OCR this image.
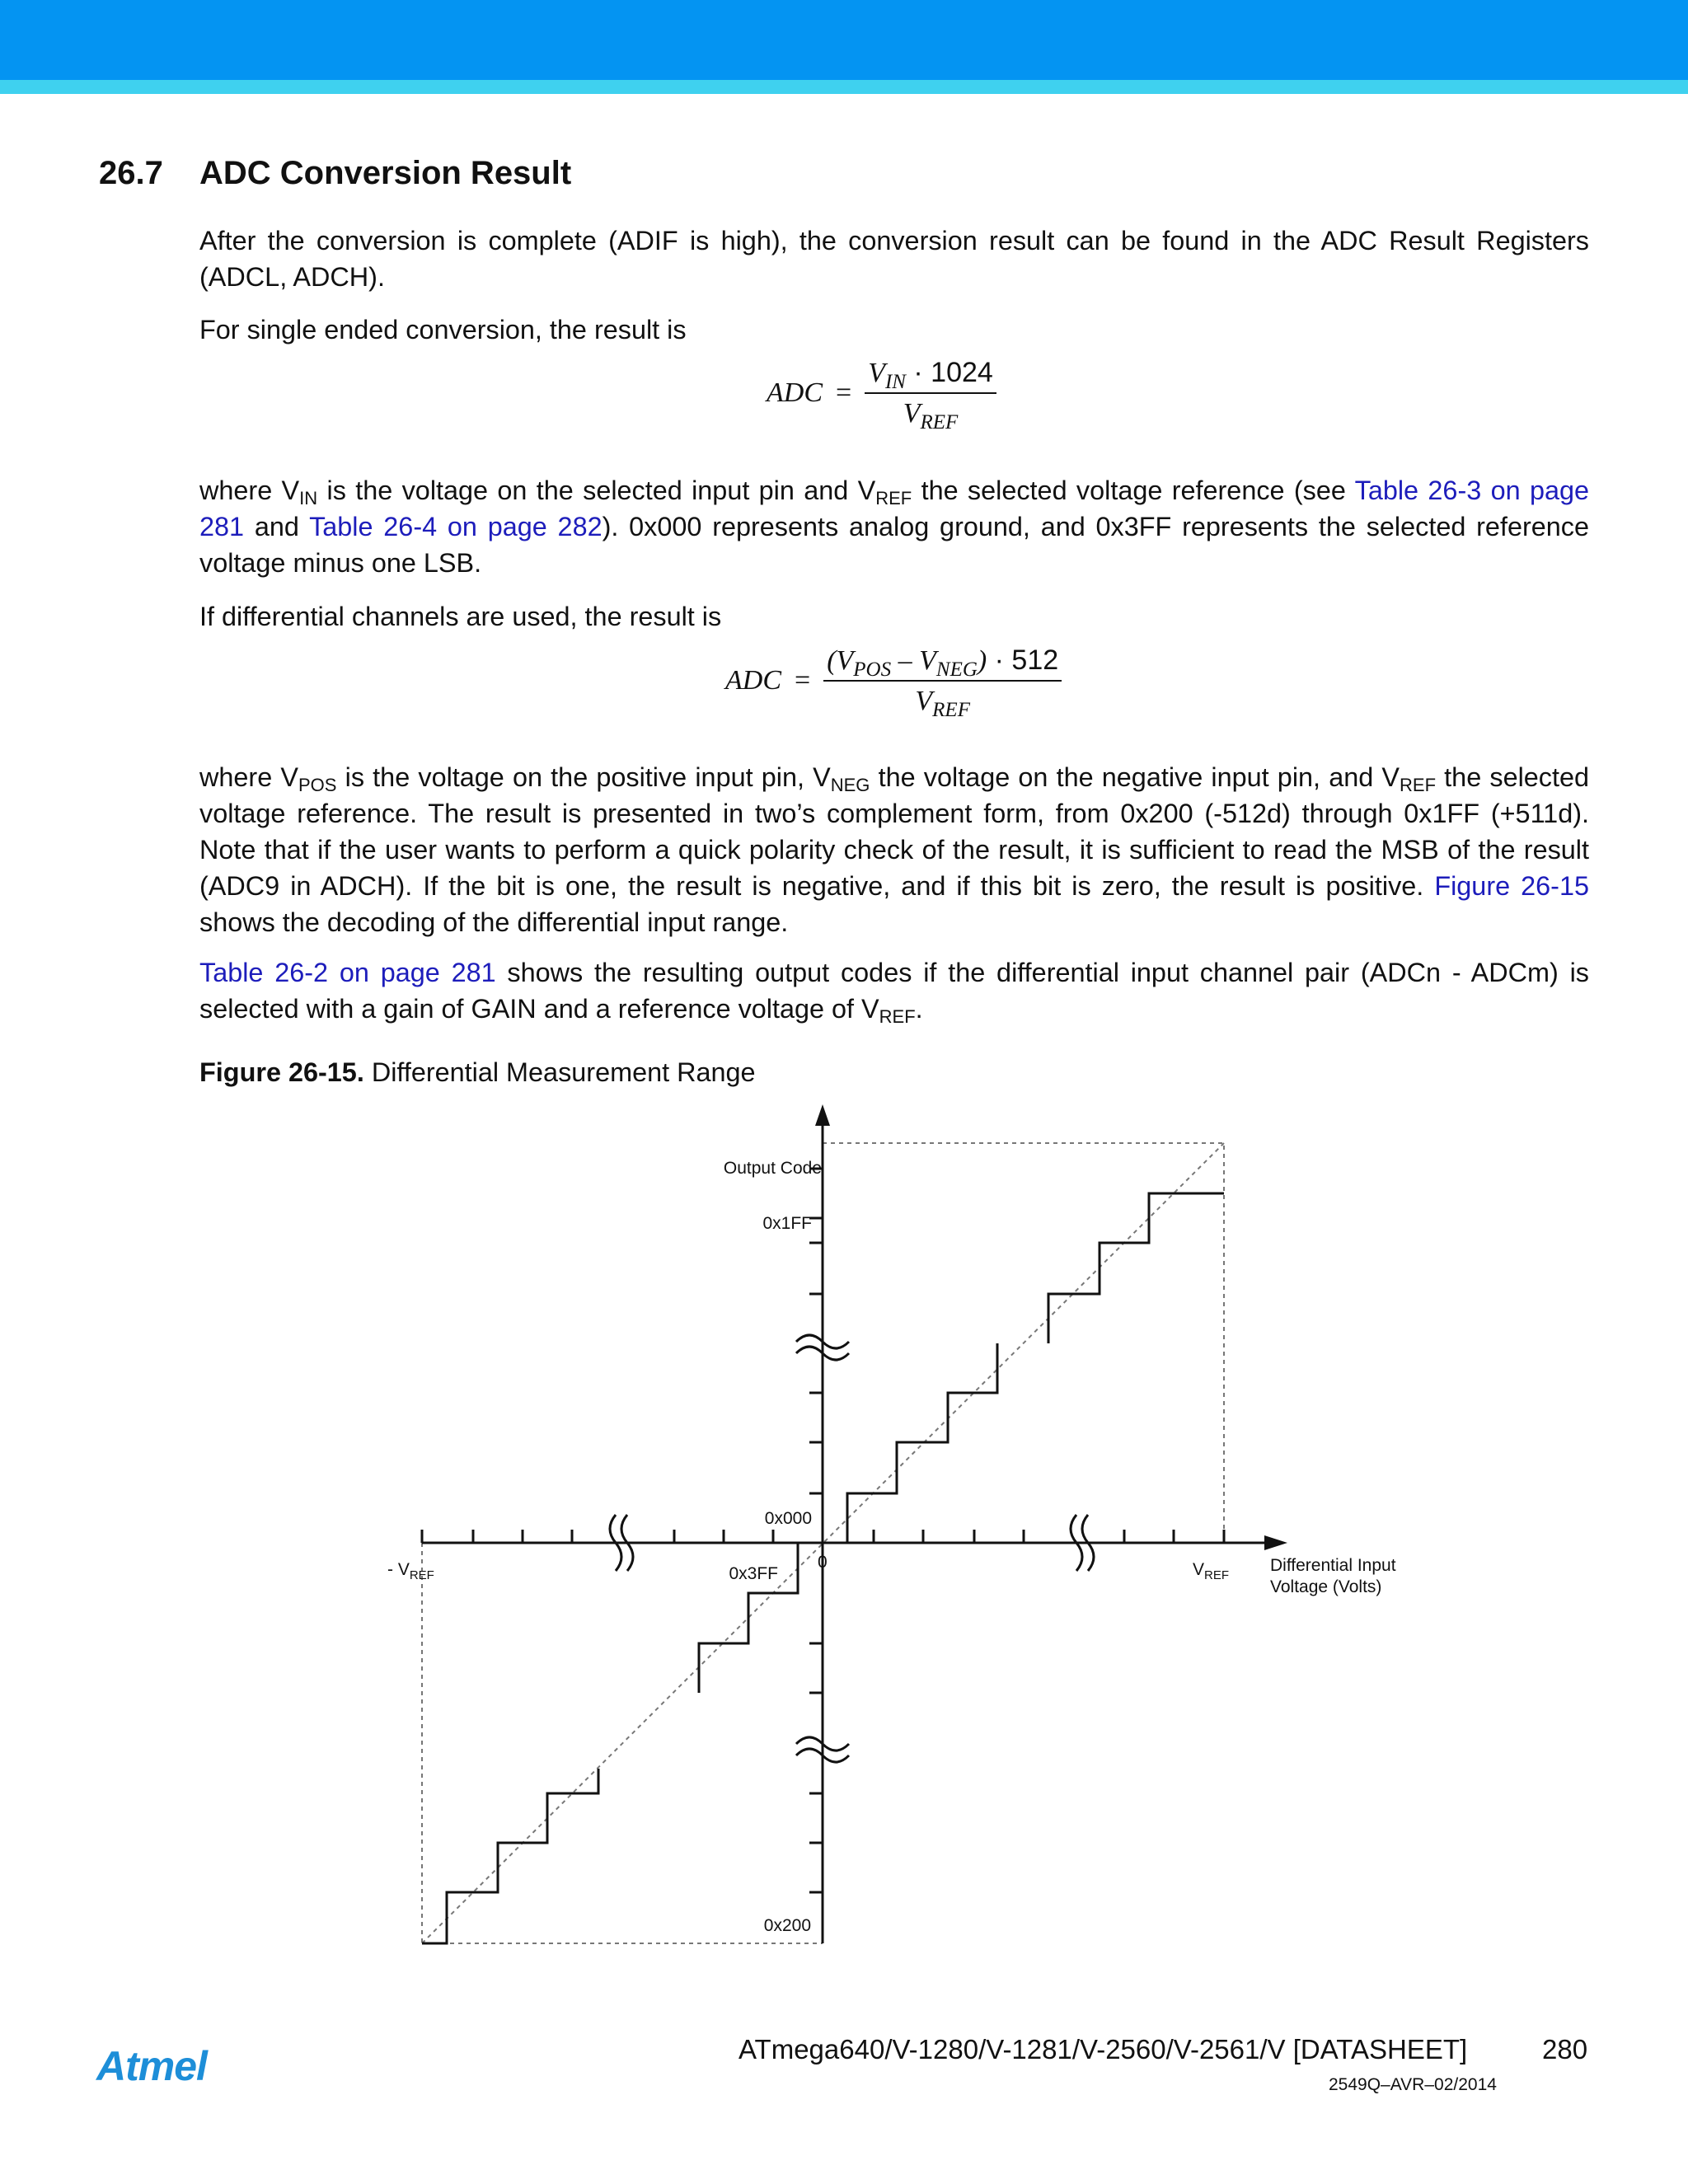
26.7 ADC Conversion Result

After the conversion is complete (ADIF is high), the conversion result can be found in the ADC Result Registers (ADCL, ADCH).

For single ended conversion, the result is

ADC = $\frac{V_{IN} \cdot 1024}{V_{REF}}$

where $V_{IN}$ is the voltage on the selected input pin and $V_{REF}$ the selected voltage reference (see Table 26-3 on page 281 and Table 26-4 on page 282). 0x000 represents analog ground, and 0x3FF represents the selected reference voltage minus one LSB.

If differential channels are used, the result is

ADC = $\frac{(V_{POS} - V_{NEG}) \cdot 512}{V_{REF}}$

where $V_{POS}$ is the voltage on the positive input pin, $V_{NEG}$ the voltage on the negative input pin, and $V_{REF}$ the selected voltage reference. The result is presented in two’s complement form, from 0x200 (-512d) through 0x1FF (+511d). Note that if the user wants to perform a quick polarity check of the result, it is sufficient to read the MSB of the result (ADC9 in ADCH). If the bit is one, the result is negative, and if this bit is zero, the result is positive. Figure 26-15 shows the decoding of the differential input range.

Table 26-2 on page 281 shows the resulting output codes if the differential input channel pair (ADCn - ADCm) is selected with a gain of GAIN and a reference voltage of $V_{REF}$.

Figure 26-15. Differential Measurement Range
Output Code
0x1FF
0x000
0x3FF
0x200
0
- $V_{REF}$	$V_{REF}$
Differential Input
Voltage (Volts)
Atmel	ATmega640/V-1280/V-1281/V-2560/V-2561/V [DATASHEET]	280
2549Q–AVR–02/2014
